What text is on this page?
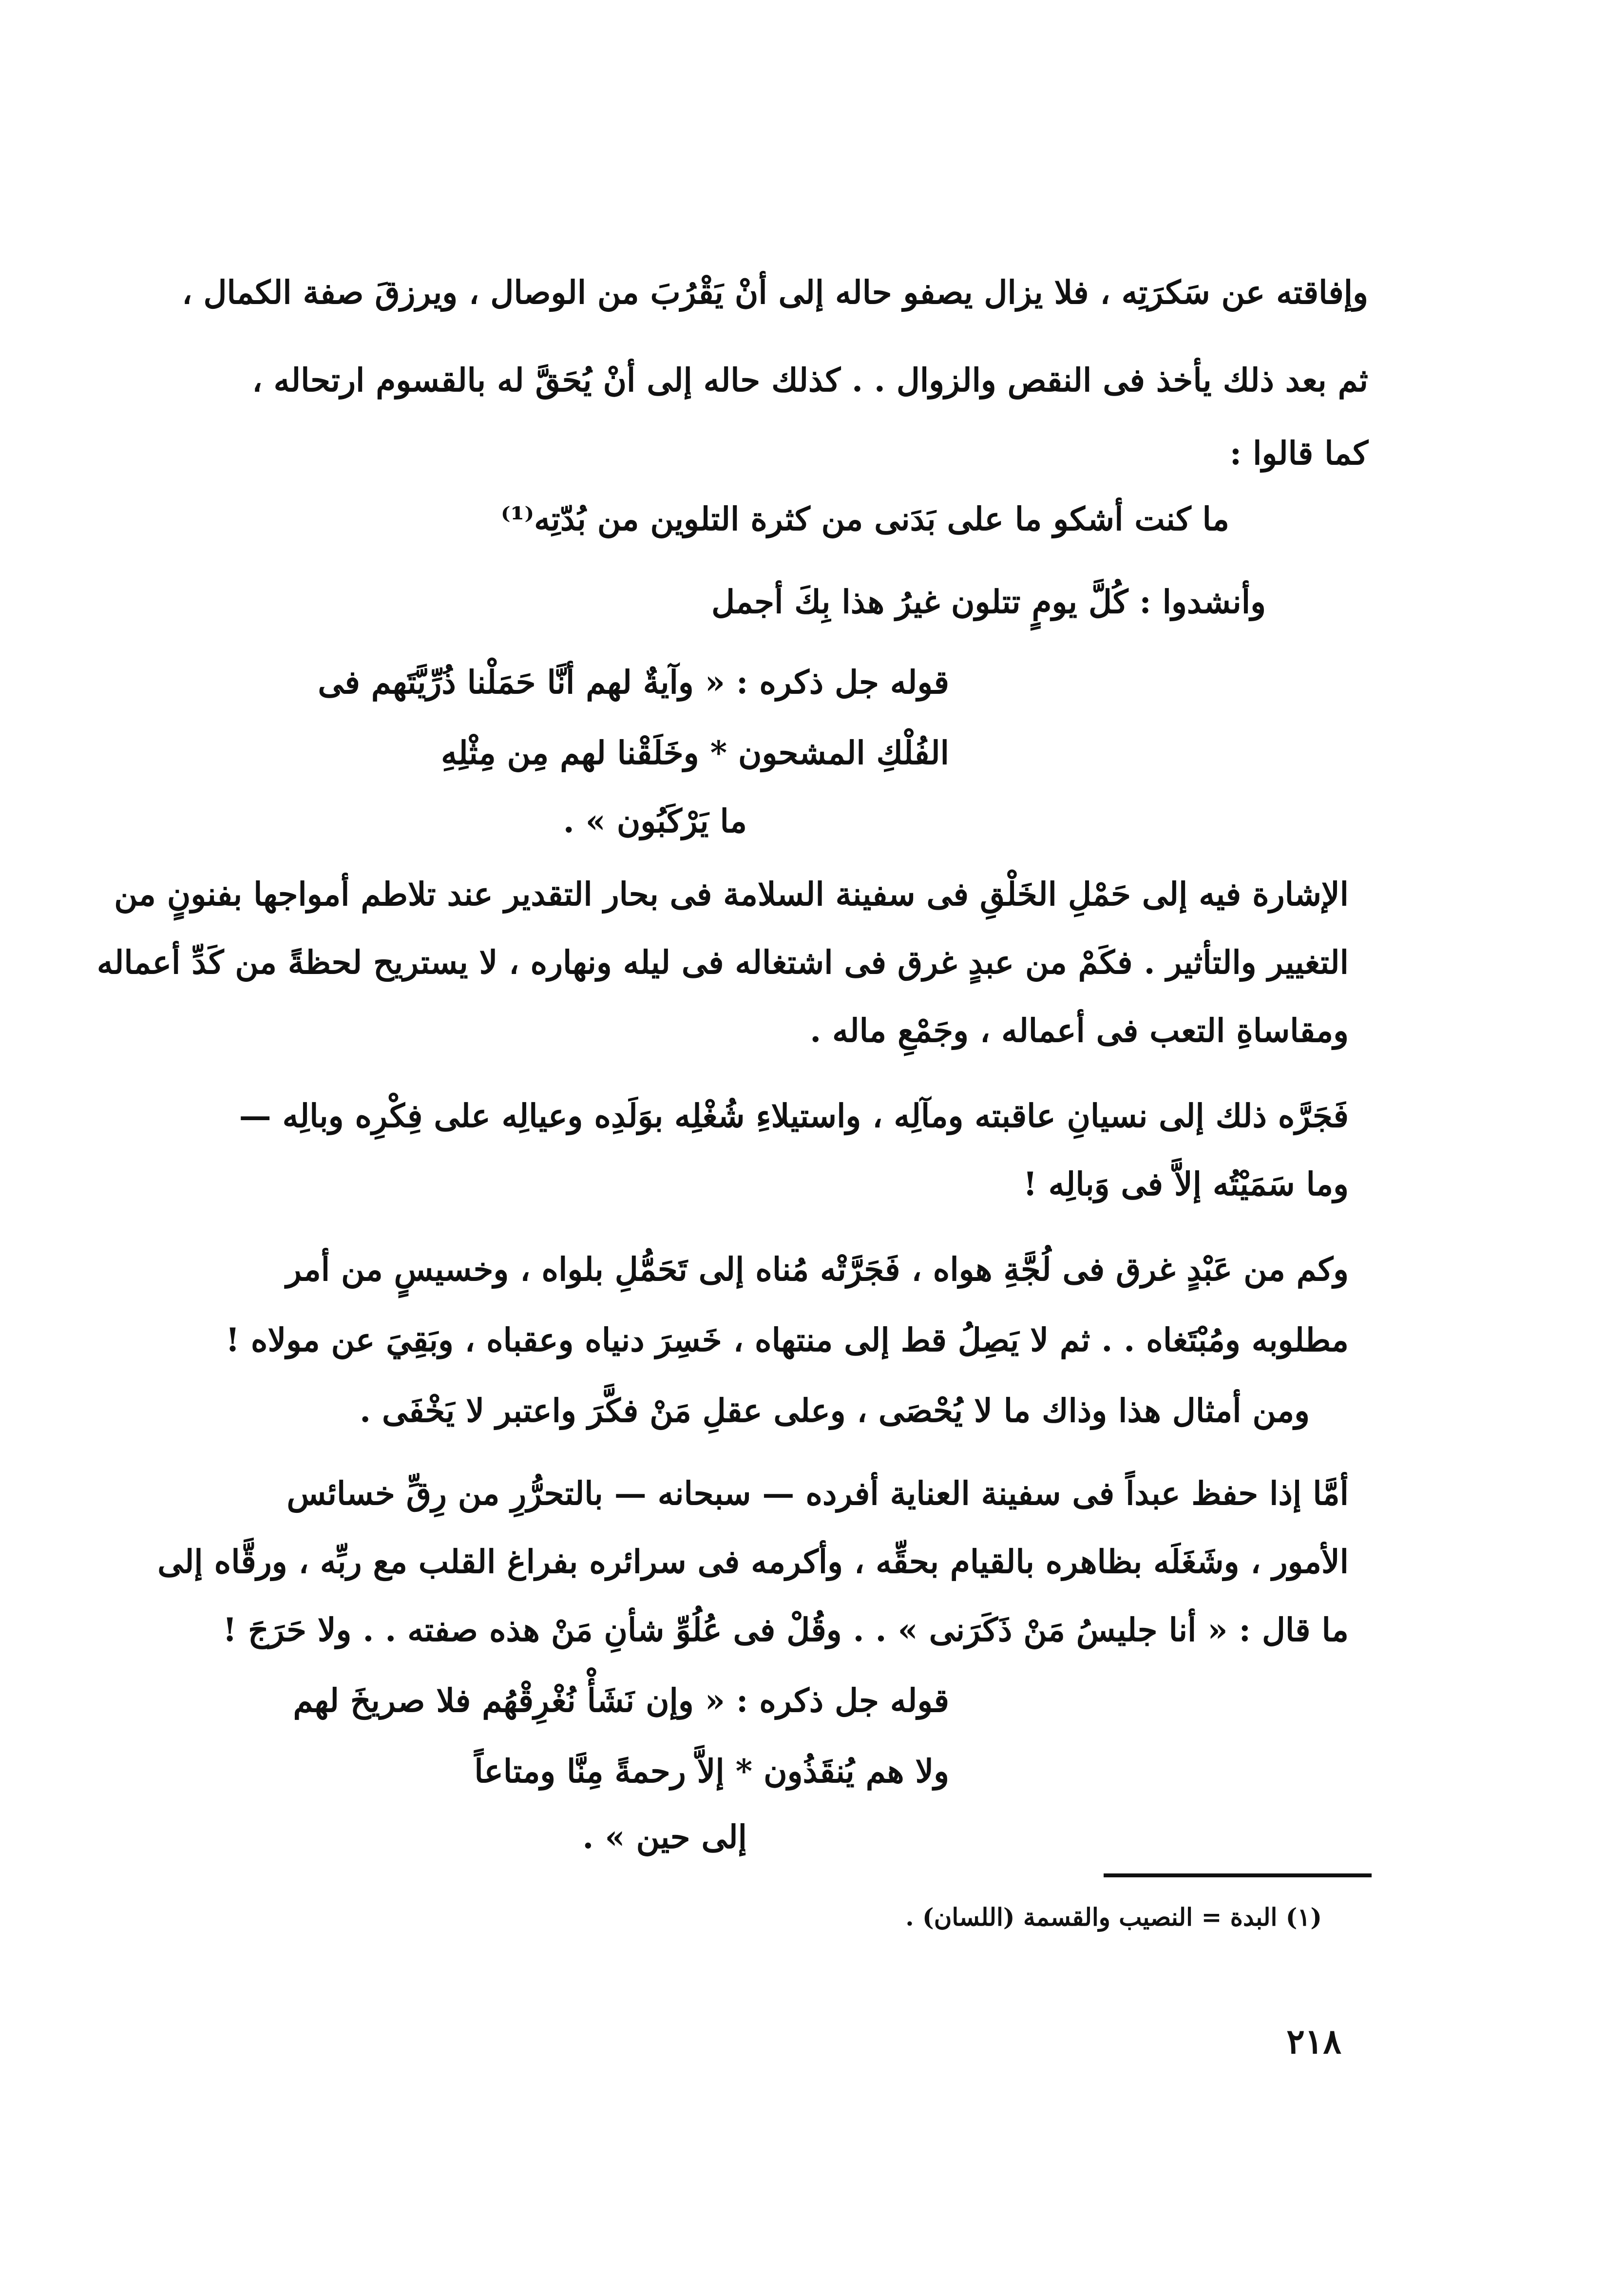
وإفاقته عن سَكرَتِه ، فلا يزال يصفو حاله إلى أنْ يَقْرُبَ من الوصال ، ويرزقَ صفة الكمال ،
ثم بعد ذلك يأخذ فى النقص والزوال . . كذلك حاله إلى أنْ يُحَقَّ له بالقسوم ارتحاله ،
كما قالوا :
ما كنت أشكو ما على بَدَنى من كثرة التلوين من بُدّتِه⁽¹⁾
وأنشدوا : كُلَّ يومٍ تتلون غيرُ هذا بِكَ أجمل
قوله جل ذكره : « وآيةٌ لهم أنَّا حَمَلْنا ذُرِّيَّتَهم فى
الفُلْكِ المشحون * وخَلَقْنا لهم مِن مِثْلِهِ
ما يَرْكَبُون » .
الإشارة فيه إلى حَمْلِ الخَلْقِ فى سفينة السلامة فى بحار التقدير عند تلاطم أمواجها بفنونٍ من
التغيير والتأثير . فكَمْ من عبدٍ غرق فى اشتغاله فى ليله ونهاره ، لا يستريح لحظةً من كَدِّ أعماله
ومقاساةِ التعب فى أعماله ، وجَمْعِ ماله .
فَجَرَّه ذلك إلى نسيانِ عاقبته ومآلِه ، واستيلاءِ شُغْلِه بوَلَدِه وعيالِه على فِكْرِه وبالِه —
وما سَمَيْتُه إلاَّ فى وَبالِه !
وكم من عَبْدٍ غرق فى لُجَّةِ هواه ، فَجَرَّتْه مُناه إلى تَحَمُّلِ بلواه ، وخسيسٍ من أمر
مطلوبه ومُبْتَغاه . . ثم لا يَصِلُ قط إلى منتهاه ، خَسِرَ دنياه وعقباه ، وبَقِيَ عن مولاه !
ومن أمثال هذا وذاك ما لا يُحْصَى ، وعلى عقلِ مَنْ فكَّرَ واعتبر لا يَخْفَى .
أمَّا إذا حفظ عبداً فى سفينة العناية أفرده — سبحانه — بالتحرُّرِ من رِقِّ خسائس
الأمور ، وشَغَلَه بظاهره بالقيام بحقِّه ، وأكرمه فى سرائره بفراغ القلب مع ربِّه ، ورقَّاه إلى
ما قال : « أنا جليسُ مَنْ ذَكَرَنى » . . وقُلْ فى عُلُوِّ شأنِ مَنْ هذه صفته . . ولا حَرَجَ !
قوله جل ذكره : « وإن نَشَأْ نُغْرِقْهُم فلا صريخَ لهم
ولا هم يُنقَذُون * إلاَّ رحمةً مِنَّا ومتاعاً
إلى حين » .
(١) البدة = النصيب والقسمة (اللسان) .
٢١٨
